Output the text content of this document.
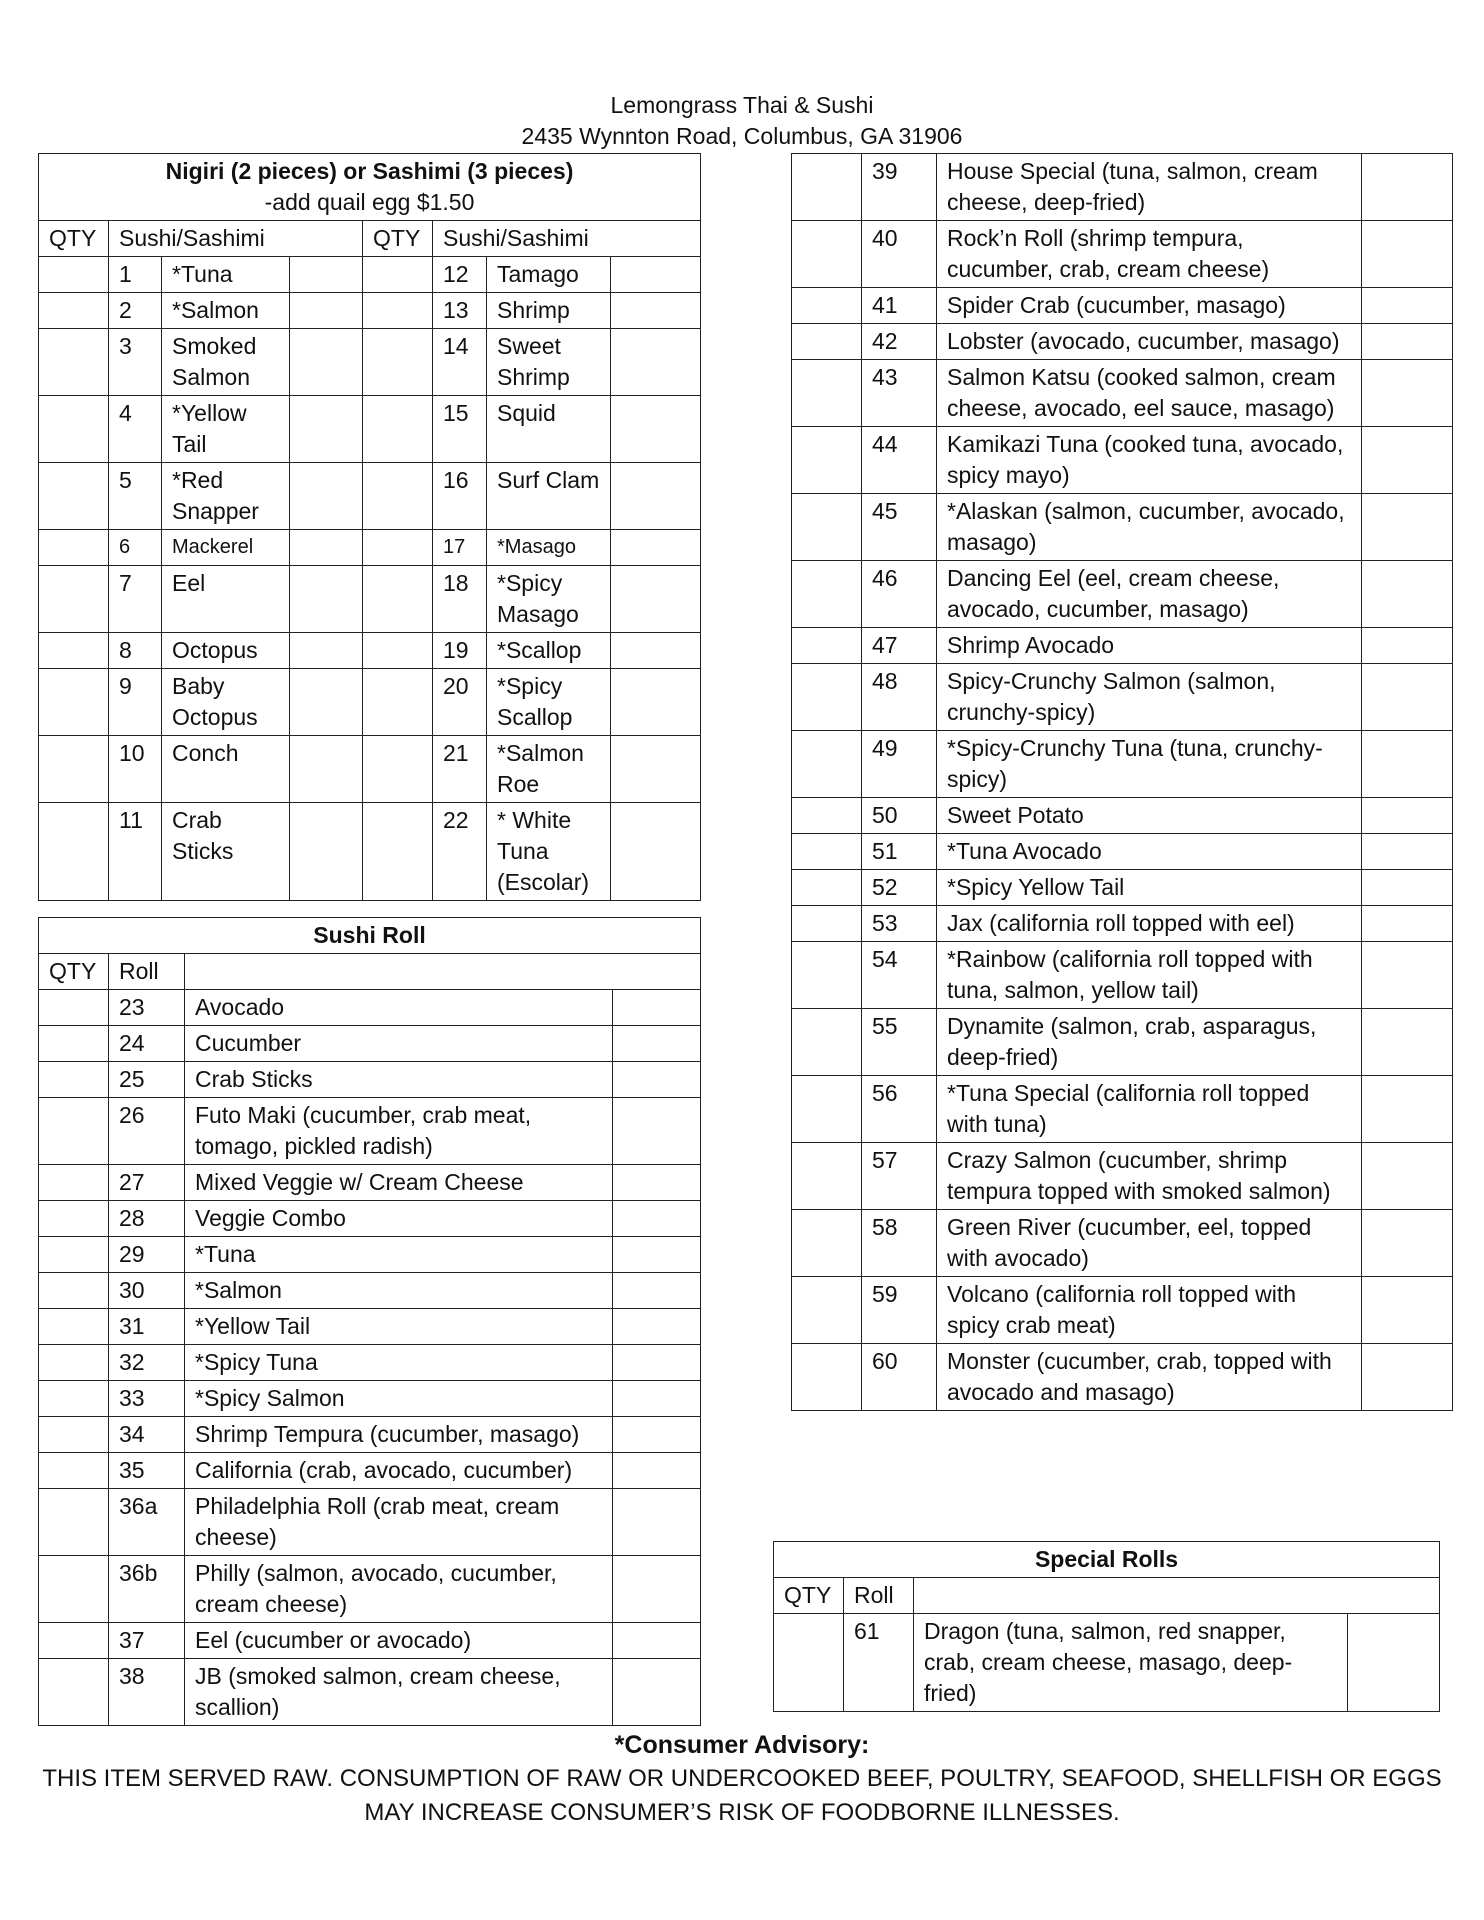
Lemongrass Thai & Sushi
2435 Wynnton Road, Columbus, GA 31906
Nigiri (2 pieces) or Sashimi (3 pieces)
-add quail egg $1.50							

QTY	Sushi/Sashimi			QTY	Sushi/Sashimi		
	1	*Tuna			12	Tamago	
	2	*Salmon			13	Shrimp	
	3	Smoked Salmon			14	Sweet Shrimp	
	4	*Yellow Tail			15	Squid	
	5	*Red Snapper			16	Surf Clam	
	6	Mackerel			17	*Masago	
	7	Eel			18	*Spicy Masago	
	8	Octopus			19	*Scallop	
	9	Baby Octopus			20	*Spicy Scallop	
	10	Conch			21	*Salmon Roe	
	11	Crab Sticks			22	* White Tuna (Escolar)	
Sushi Roll			
QTY	Roll		
	23	Avocado	
	24	Cucumber	
	25	Crab Sticks	
	26	Futo Maki (cucumber, crab meat, tomago, pickled radish)	
	27	Mixed Veggie w/ Cream Cheese	
	28	Veggie Combo	
	29	*Tuna	
	30	*Salmon	
	31	*Yellow Tail	
	32	*Spicy Tuna	
	33	*Spicy Salmon	
	34	Shrimp Tempura (cucumber, masago)	
	35	California (crab, avocado, cucumber)	
	36a	Philadelphia Roll (crab meat, cream cheese)	
	36b	Philly (salmon, avocado, cucumber, cream cheese)	
	37	Eel (cucumber or avocado)	
	38	JB (smoked salmon, cream cheese, scallion)	
	39	House Special (tuna, salmon, cream cheese, deep-fried)	
	40	Rock’n Roll (shrimp tempura, cucumber, crab, cream cheese)	
	41	Spider Crab (cucumber, masago)	
	42	Lobster (avocado, cucumber, masago)	
	43	Salmon Katsu (cooked salmon, cream cheese, avocado, eel sauce, masago)	
	44	Kamikazi Tuna (cooked tuna, avocado, spicy mayo)	
	45	*Alaskan (salmon, cucumber, avocado, masago)	
	46	Dancing Eel (eel, cream cheese, avocado, cucumber, masago)	
	47	Shrimp Avocado	
	48	Spicy-Crunchy Salmon (salmon, crunchy-spicy)	
	49	*Spicy-Crunchy Tuna (tuna, crunchy-spicy)	
	50	Sweet Potato	
	51	*Tuna Avocado	
	52	*Spicy Yellow Tail	
	53	Jax (california roll topped with eel)	
	54	*Rainbow (california roll topped with tuna, salmon, yellow tail)	
	55	Dynamite (salmon, crab, asparagus, deep-fried)	
	56	*Tuna Special (california roll topped with tuna)	
	57	Crazy Salmon (cucumber, shrimp tempura topped with smoked salmon)	
	58	Green River (cucumber, eel, topped with avocado)	
	59	Volcano (california roll topped with spicy crab meat)	
	60	Monster (cucumber, crab, topped with avocado and masago)	
Special Rolls			
QTY	Roll		
	61	Dragon (tuna, salmon, red snapper, crab, cream cheese, masago, deep-fried)	
*Consumer Advisory:
THIS ITEM SERVED RAW. CONSUMPTION OF RAW OR UNDERCOOKED BEEF, POULTRY, SEAFOOD, SHELLFISH OR EGGS MAY INCREASE CONSUMER’S RISK OF FOODBORNE ILLNESSES.
